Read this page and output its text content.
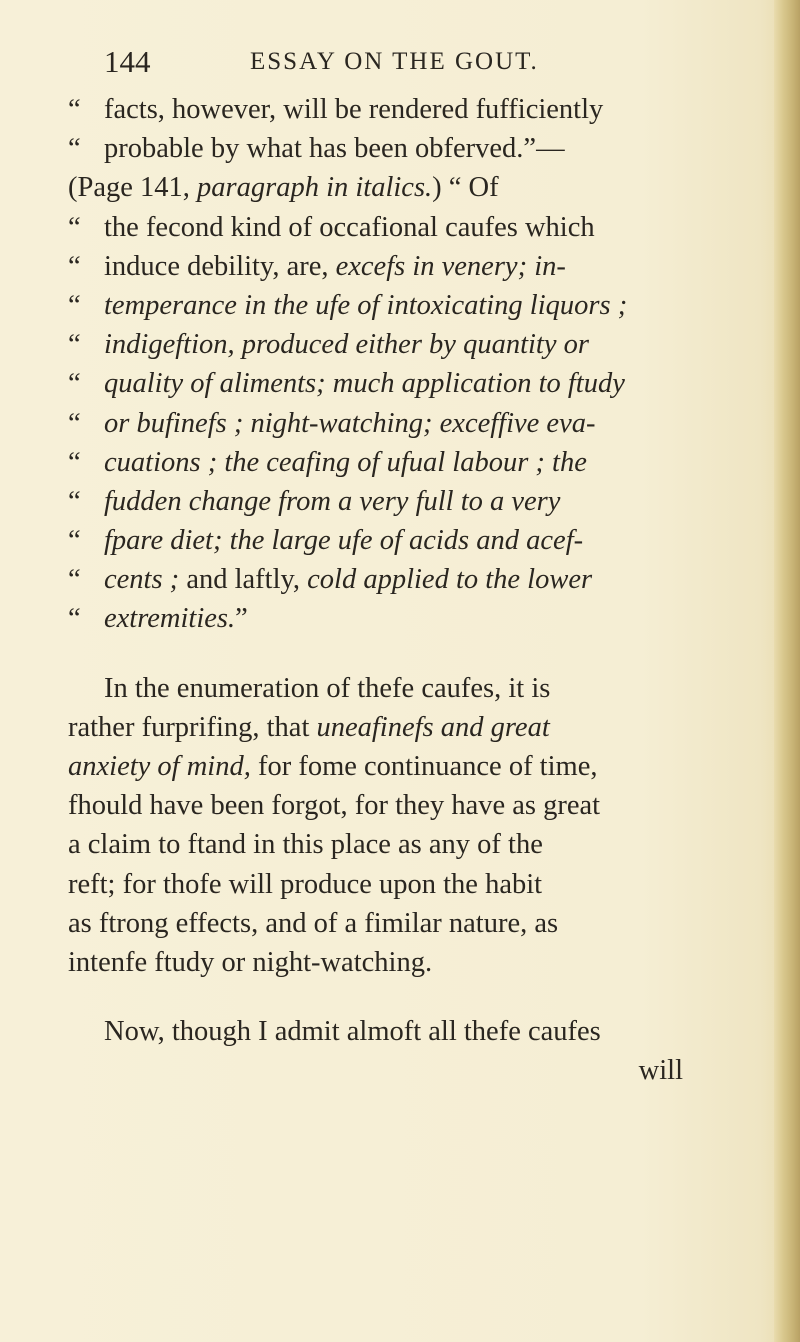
144	ESSAY ON THE GOUT.
“facts, however, will be rendered fufficiently
“probable by what has been obferved.”—
(Page 141, paragraph in italics.) “ Of
“the fecond kind of occafional caufes which
“induce debility, are, excefs in venery; in-
“temperance in the ufe of intoxicating liquors ;
“indigeftion, produced either by quantity or
“quality of aliments; much application to ftudy
“or bufinefs ; night-watching; exceffive eva-
“cuations ; the ceafing of ufual labour ; the
“fudden change from a very full to a very
“fpare diet; the large ufe of acids and acef-
“cents ; and laftly, cold applied to the lower
“extremities.”
In the enumeration of thefe caufes, it is
rather furprifing, that uneafinefs and great
anxiety of mind, for fome continuance of time,
fhould have been forgot, for they have as great
a claim to ftand in this place as any of the
reft; for thofe will produce upon the habit
as ftrong effects, and of a fimilar nature, as
intenfe ftudy or night-watching.
Now, though I admit almoft all thefe caufes
will
